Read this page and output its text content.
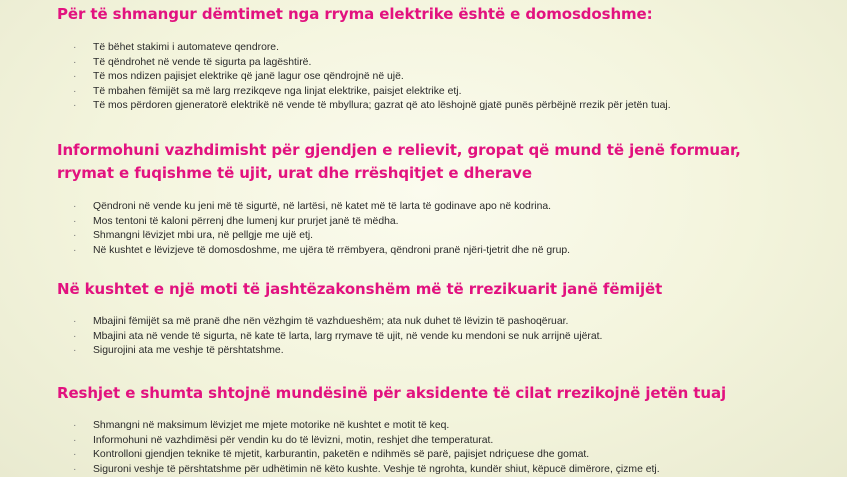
Për të shmangur dëmtimet nga rryma elektrike është e domosdoshme:
· Të bëhet stakimi i automateve qendrore.
· Të qëndrohet në vende të sigurta pa lagështirë.
· Të mos ndizen pajisjet elektrike që janë lagur ose qëndrojnë në ujë.
· Të mbahen fëmijët sa më larg rrezikqeve nga linjat elektrike, paisjet elektrike etj.
· Të mos përdoren gjeneratorë elektrikë në vende të mbyllura; gazrat që ato lëshojnë gjatë punës përbëjnë rrezik për jetën tuaj.
Informohuni vazhdimisht për gjendjen e relievit, gropat që mund të jenë formuar,
rrymat e fuqishme të ujit, urat dhe rrëshqitjet e dherave
· Qëndroni në vende ku jeni më të sigurtë, në lartësi, në katet më të larta të godinave apo në kodrina.
· Mos tentoni të kaloni përrenj dhe lumenj kur prurjet janë të mëdha.
· Shmangni lëvizjet mbi ura, në pellgje me ujë etj.
· Në kushtet e lëvizjeve të domosdoshme, me ujëra të rrëmbyera, qëndroni pranë njëri-tjetrit dhe në grup.
Në kushtet e një moti të jashtëzakonshëm më të rrezikuarit janë fëmijët
· Mbajini fëmijët sa më pranë dhe nën vëzhgim të vazhdueshëm; ata nuk duhet të lëvizin të pashoqëruar.
· Mbajini ata në vende të sigurta, në kate të larta, larg rrymave të ujit, në vende ku mendoni se nuk arrijnë ujërat.
· Sigurojini ata me veshje të përshtatshme.
Reshjet e shumta shtojnë mundësinë për aksidente të cilat rrezikojnë jetën tuaj
· Shmangni në maksimum lëvizjet me mjete motorike në kushtet e motit të keq.
· Informohuni në vazhdimësi për vendin ku do të lëvizni, motin, reshjet dhe temperaturat.
· Kontrolloni gjendjen teknike të mjetit, karburantin, paketën e ndihmës së parë, pajisjet ndriçuese dhe gomat.
· Siguroni veshje të përshtatshme për udhëtimin në këto kushte. Veshje të ngrohta, kundër shiut, këpucë dimërore, çizme etj.
